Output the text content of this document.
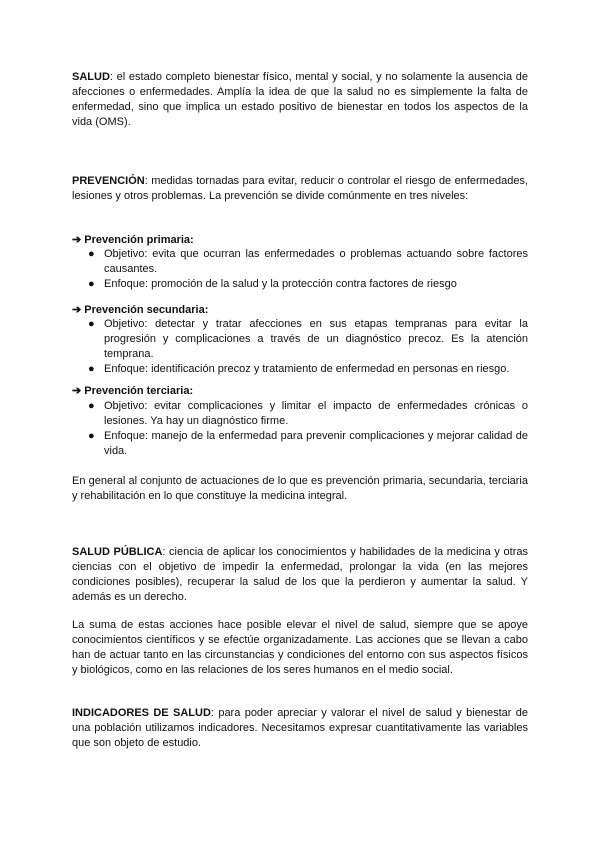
SALUD: el estado completo bienestar físico, mental y social, y no solamente la ausencia de afecciones o enfermedades. Amplía la idea de que la salud no es simplemente la falta de enfermedad, sino que implica un estado positivo de bienestar en todos los aspectos de la vida (OMS).

PREVENCIÓN: medidas tornadas para evitar, reducir o controlar el riesgo de enfermedades, lesiones y otros problemas. La prevención se divide comúnmente en tres niveles:

➔ Prevención primaria:

● Objetivo: evita que ocurran las enfermedades o problemas actuando sobre factores causantes.
● Enfoque: promoción de la salud y la protección contra factores de riesgo

➔ Prevención secundaria:

● Objetivo: detectar y tratar afecciones en sus etapas tempranas para evitar la progresión y complicaciones a través de un diagnóstico precoz. Es la atención temprana.
● Enfoque: identificación precoz y tratamiento de enfermedad en personas en riesgo.

➔ Prevención terciaria:

● Objetivo: evitar complicaciones y limitar el impacto de enfermedades crónicas o lesiones. Ya hay un diagnóstico firme.
● Enfoque: manejo de la enfermedad para prevenir complicaciones y mejorar calidad de vida.

En general al conjunto de actuaciones de lo que es prevención primaria, secundaria, terciaria y rehabilitación en lo que constituye la medicina integral.

SALUD PÚBLICA: ciencia de aplicar los conocimientos y habilidades de la medicina y otras ciencias con el objetivo de impedir la enfermedad, prolongar la vida (en las mejores condiciones posibles), recuperar la salud de los que la perdieron y aumentar la salud. Y además es un derecho.

La suma de estas acciones hace posible elevar el nivel de salud, siempre que se apoye conocimientos científicos y se efectúe organizadamente. Las acciones que se llevan a cabo han de actuar tanto en las circunstancias y condiciones del entorno con sus aspectos físicos y biológicos, como en las relaciones de los seres humanos en el medio social.

INDICADORES DE SALUD: para poder apreciar y valorar el nivel de salud y bienestar de una población utilizamos indicadores. Necesitamos expresar cuantitativamente las variables que son objeto de estudio.
